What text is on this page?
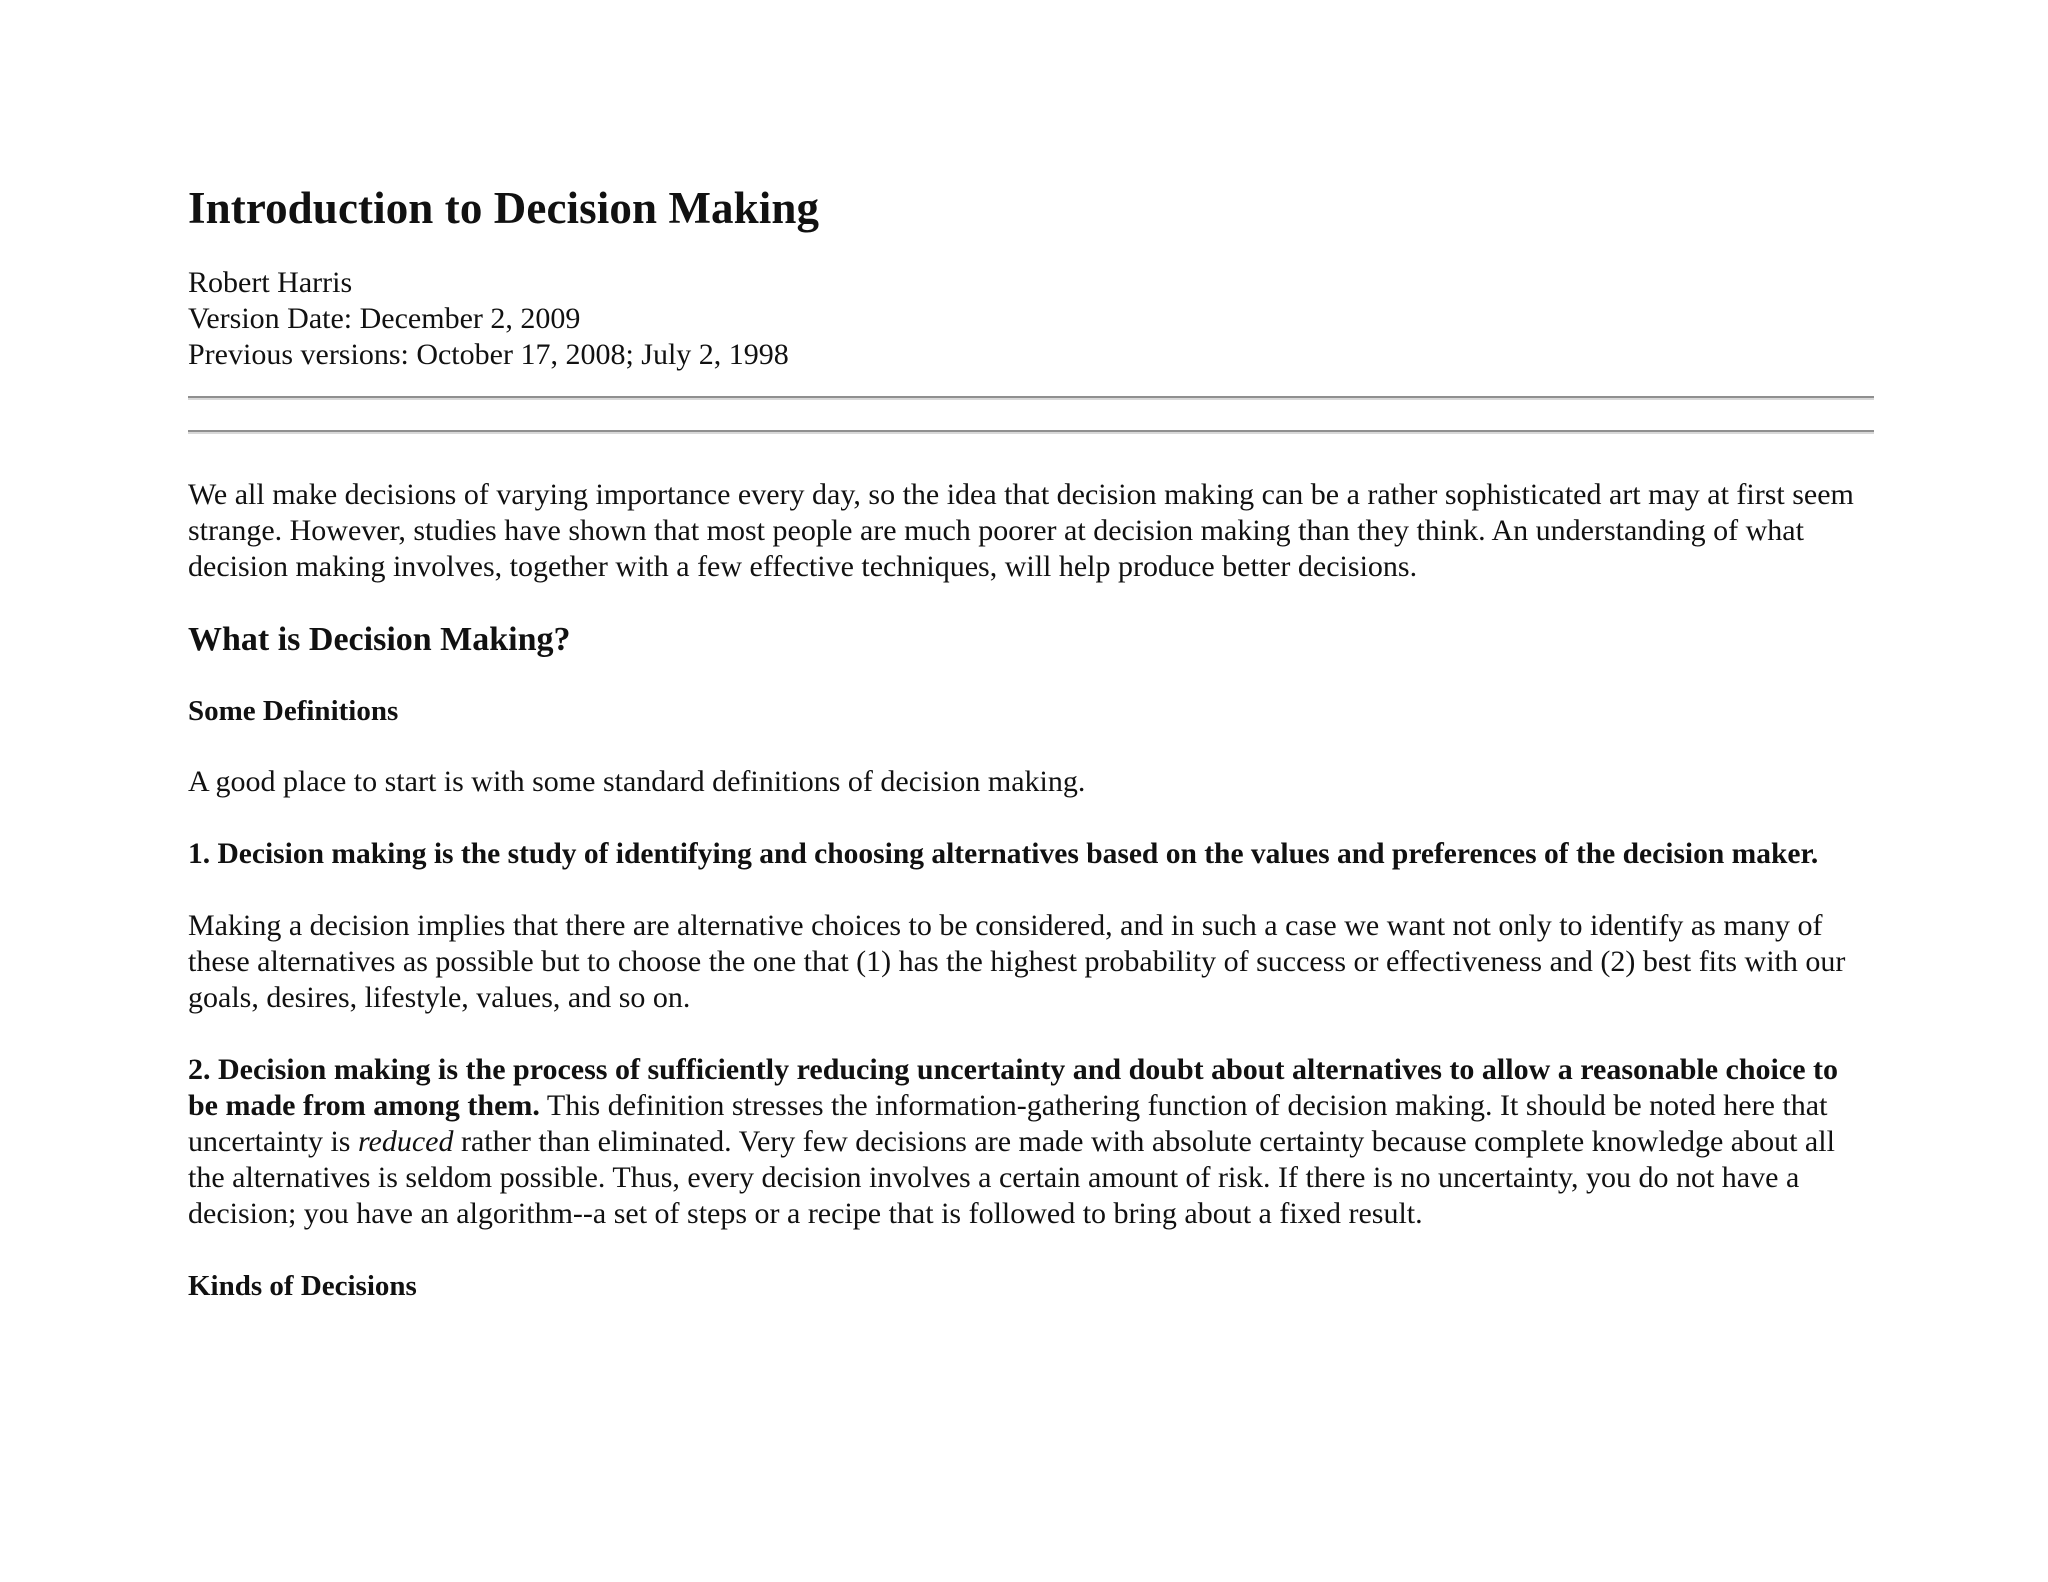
Introduction to Decision Making
Robert Harris
Version Date: December 2, 2009
Previous versions: October 17, 2008; July 2, 1998

We all make decisions of varying importance every day, so the idea that decision making can be a rather sophisticated art may at first seem strange. However, studies have shown that most people are much poorer at decision making than they think. An understanding of what decision making involves, together with a few effective techniques, will help produce better decisions.

What is Decision Making?
Some Definitions

A good place to start is with some standard definitions of decision making.

1. Decision making is the study of identifying and choosing alternatives based on the values and preferences of the decision maker.

Making a decision implies that there are alternative choices to be considered, and in such a case we want not only to identify as many of these alternatives as possible but to choose the one that (1) has the highest probability of success or effectiveness and (2) best fits with our goals, desires, lifestyle, values, and so on.

2. Decision making is the process of sufficiently reducing uncertainty and doubt about alternatives to allow a reasonable choice to be made from among them. This definition stresses the information-gathering function of decision making. It should be noted here that uncertainty is reduced rather than eliminated. Very few decisions are made with absolute certainty because complete knowledge about all the alternatives is seldom possible. Thus, every decision involves a certain amount of risk. If there is no uncertainty, you do not have a decision; you have an algorithm--a set of steps or a recipe that is followed to bring about a fixed result.

Kinds of Decisions
